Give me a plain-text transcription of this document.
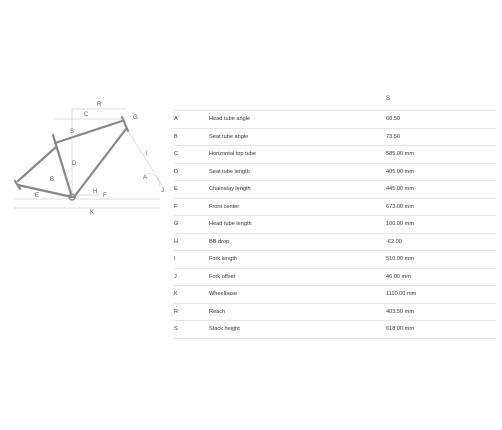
R
C	G
S
D
B
I
A
J
H
E	F
K
S
A	Head tube angle	68.50
B	Seat tube angle	73.50
C	Horizontal top tube	585.00 mm
D	Seat tube length	405.00 mm
E	Chainstay length	445.00 mm
F	Front center	673.00 mm
G	Head tube length	100.00 mm
H	BB drop	-62.00
I	Fork length	510.00 mm
J	Fork offset	46.00 mm
K	Wheelbase	1110.00 mm
R	Reach	403.50 mm
S	Stack height	618.00 mm
